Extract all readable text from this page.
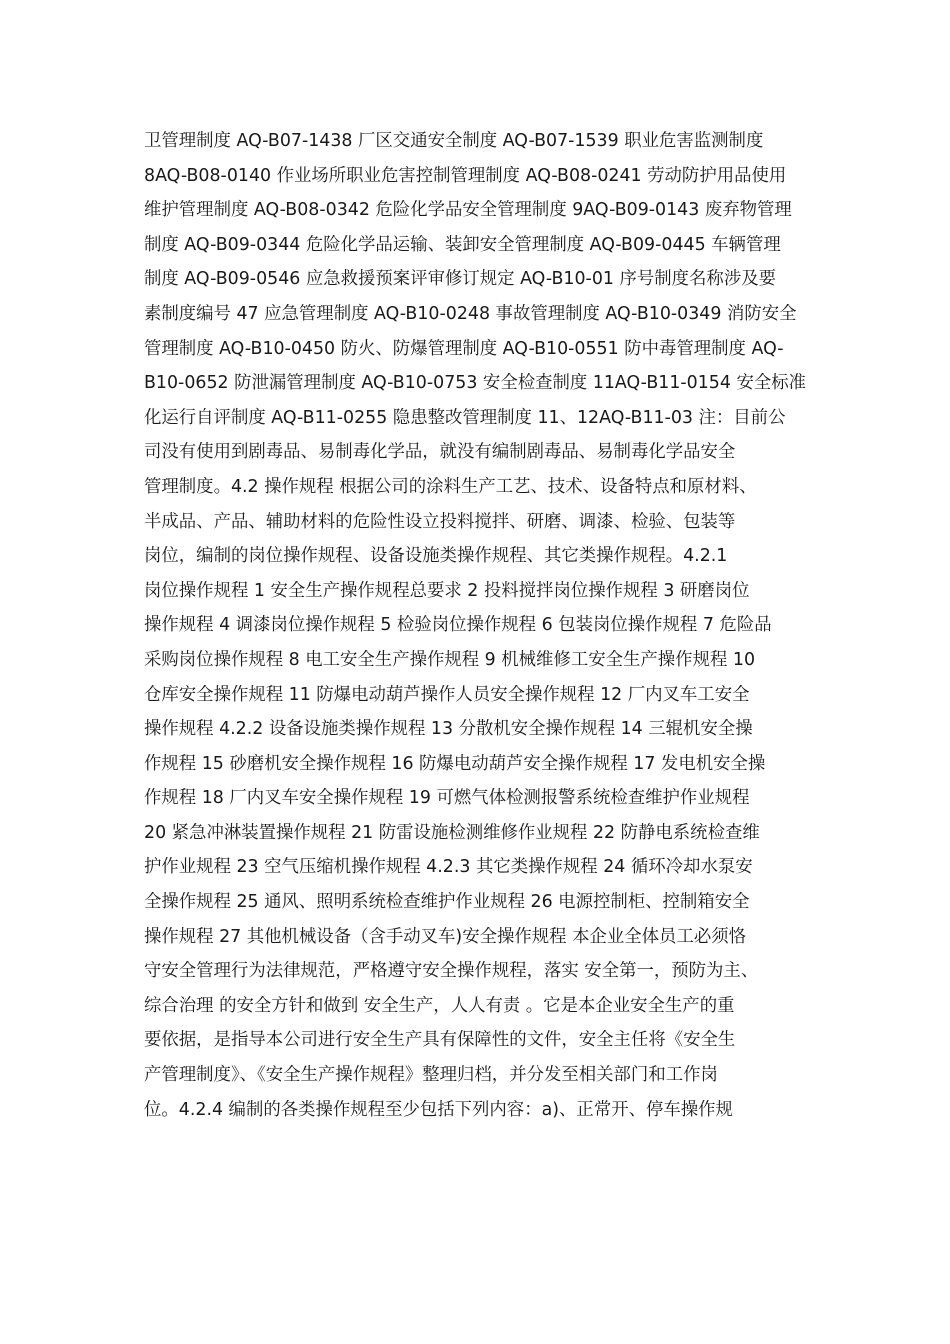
卫管理制度 AQ-B07-1438 厂区交通安全制度 AQ-B07-1539 职业危害监测制度
8AQ-B08-0140 作业场所职业危害控制管理制度 AQ-B08-0241 劳动防护用品使用
维护管理制度 AQ-B08-0342 危险化学品安全管理制度 9AQ-B09-0143 废弃物管理
制度 AQ-B09-0344 危险化学品运输、装卸安全管理制度 AQ-B09-0445 车辆管理
制度 AQ-B09-0546 应急救援预案评审修订规定 AQ-B10-01 序号制度名称涉及要
素制度编号 47 应急管理制度 AQ-B10-0248 事故管理制度 AQ-B10-0349 消防安全
管理制度 AQ-B10-0450 防火、防爆管理制度 AQ-B10-0551 防中毒管理制度 AQ-
B10-0652 防泄漏管理制度 AQ-B10-0753 安全检查制度 11AQ-B11-0154 安全标准
化运行自评制度 AQ-B11-0255 隐患整改管理制度 11、12AQ-B11-03 注：目前公
司没有使用到剧毒品、易制毒化学品，就没有编制剧毒品、易制毒化学品安全
管理制度。4.2 操作规程 根据公司的涂料生产工艺、技术、设备特点和原材料、
半成品、产品、辅助材料的危险性设立投料搅拌、研磨、调漆、检验、包装等
岗位，编制的岗位操作规程、设备设施类操作规程、其它类操作规程。4.2.1
岗位操作规程 1 安全生产操作规程总要求 2 投料搅拌岗位操作规程 3 研磨岗位
操作规程 4 调漆岗位操作规程 5 检验岗位操作规程 6 包装岗位操作规程 7 危险品
采购岗位操作规程 8 电工安全生产操作规程 9 机械维修工安全生产操作规程 10
仓库安全操作规程 11 防爆电动葫芦操作人员安全操作规程 12 厂内叉车工安全
操作规程 4.2.2 设备设施类操作规程 13 分散机安全操作规程 14 三辊机安全操
作规程 15 砂磨机安全操作规程 16 防爆电动葫芦安全操作规程 17 发电机安全操
作规程 18 厂内叉车安全操作规程 19 可燃气体检测报警系统检查维护作业规程
20 紧急冲淋装置操作规程 21 防雷设施检测维修作业规程 22 防静电系统检查维
护作业规程 23 空气压缩机操作规程 4.2.3 其它类操作规程 24 循环冷却水泵安
全操作规程 25 通风、照明系统检查维护作业规程 26 电源控制柜、控制箱安全
操作规程 27 其他机械设备（含手动叉车)安全操作规程 本企业全体员工必须恪
守安全管理行为法律规范，严格遵守安全操作规程，落实 安全第一，预防为主、
综合治理 的安全方针和做到 安全生产，人人有责 。它是本企业安全生产的重
要依据，是指导本公司进行安全生产具有保障性的文件，安全主任将《安全生
产管理制度》、《安全生产操作规程》整理归档，并分发至相关部门和工作岗
位。4.2.4 编制的各类操作规程至少包括下列内容：a)、正常开、停车操作规
